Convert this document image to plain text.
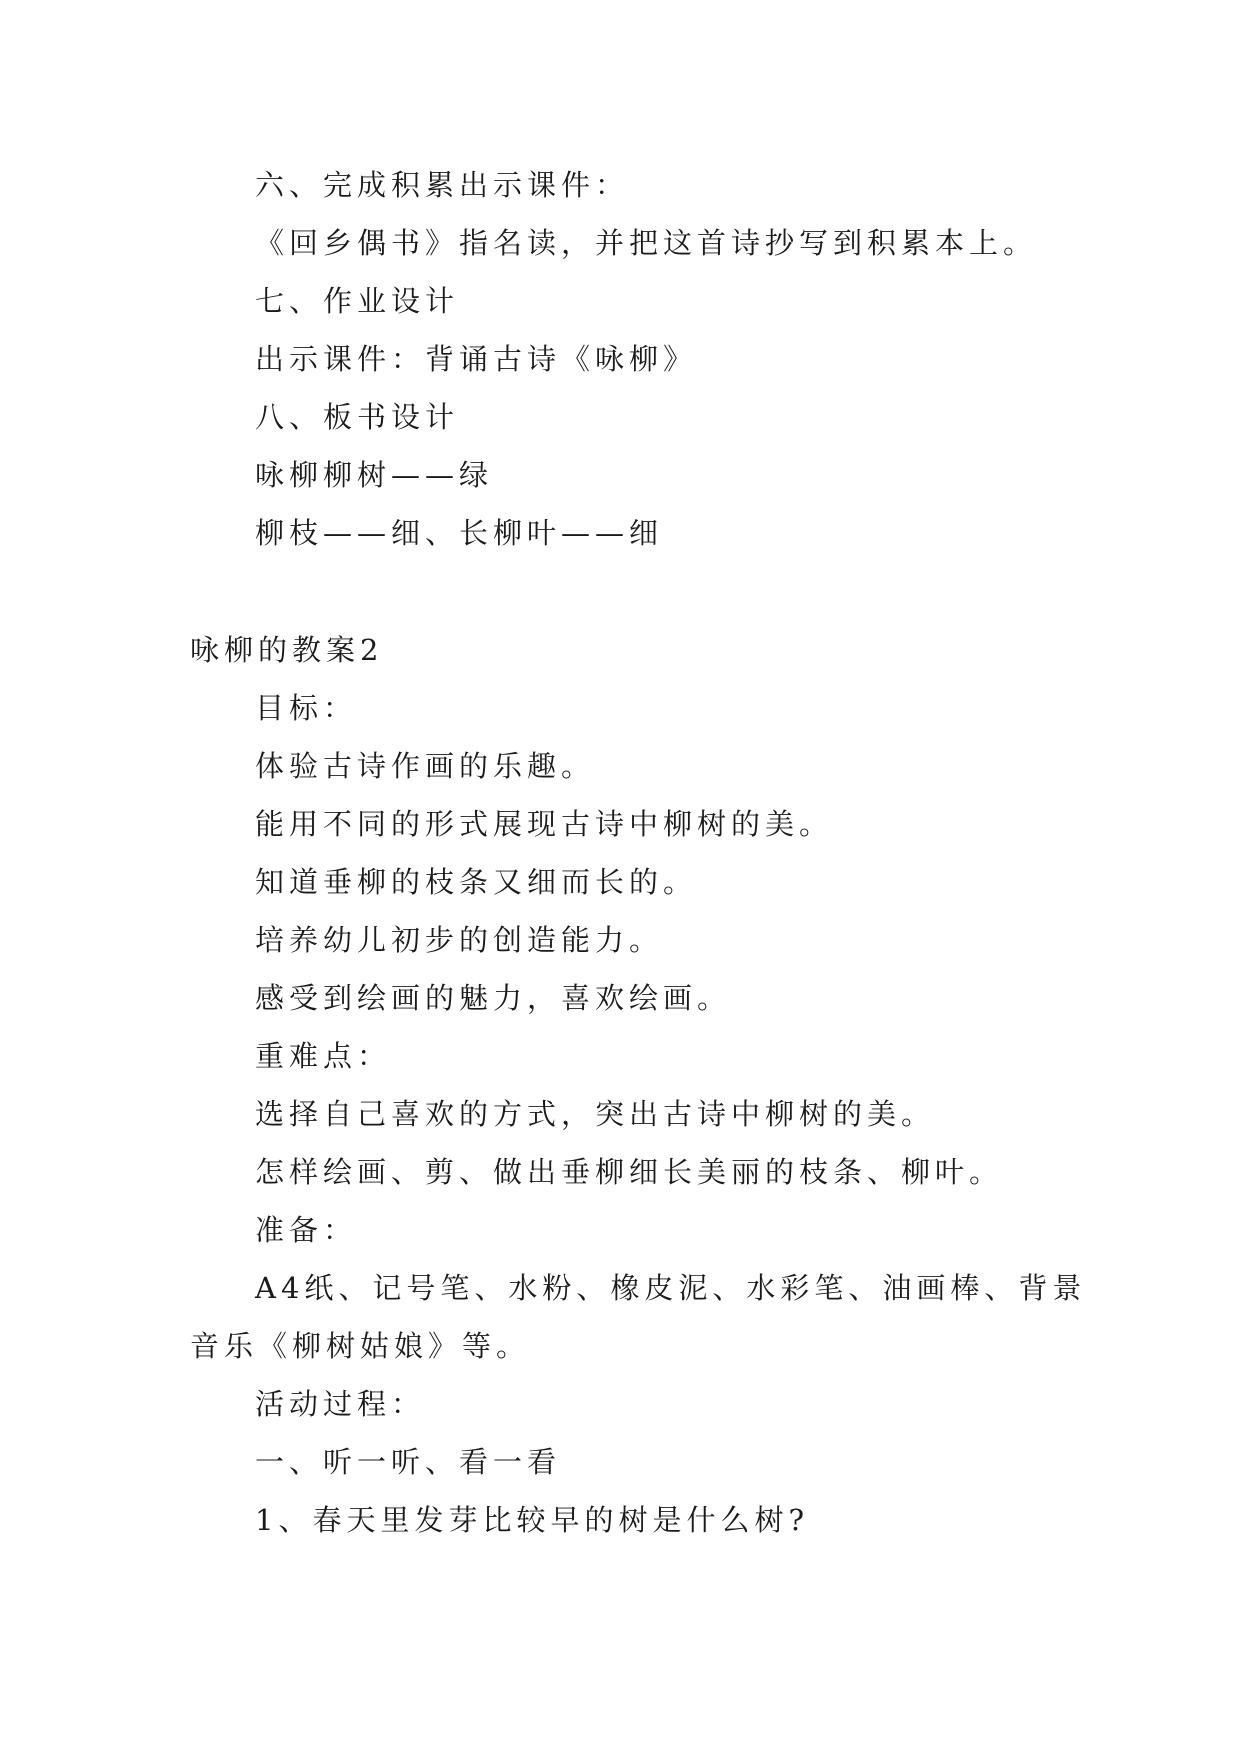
六、完成积累出示课件：
《回乡偶书》指名读，并把这首诗抄写到积累本上。
七、作业设计
出示课件：背诵古诗《咏柳》
八、板书设计
咏柳柳树——绿
柳枝——细、长柳叶——细
咏柳的教案2
目标：
体验古诗作画的乐趣。
能用不同的形式展现古诗中柳树的美。
知道垂柳的枝条又细而长的。
培养幼儿初步的创造能力。
感受到绘画的魅力，喜欢绘画。
重难点：
选择自己喜欢的方式，突出古诗中柳树的美。
怎样绘画、剪、做出垂柳细长美丽的枝条、柳叶。
准备：
A4纸、记号笔、水粉、橡皮泥、水彩笔、油画棒、背景
音乐《柳树姑娘》等。
活动过程：
一、听一听、看一看
1、春天里发芽比较早的树是什么树?
